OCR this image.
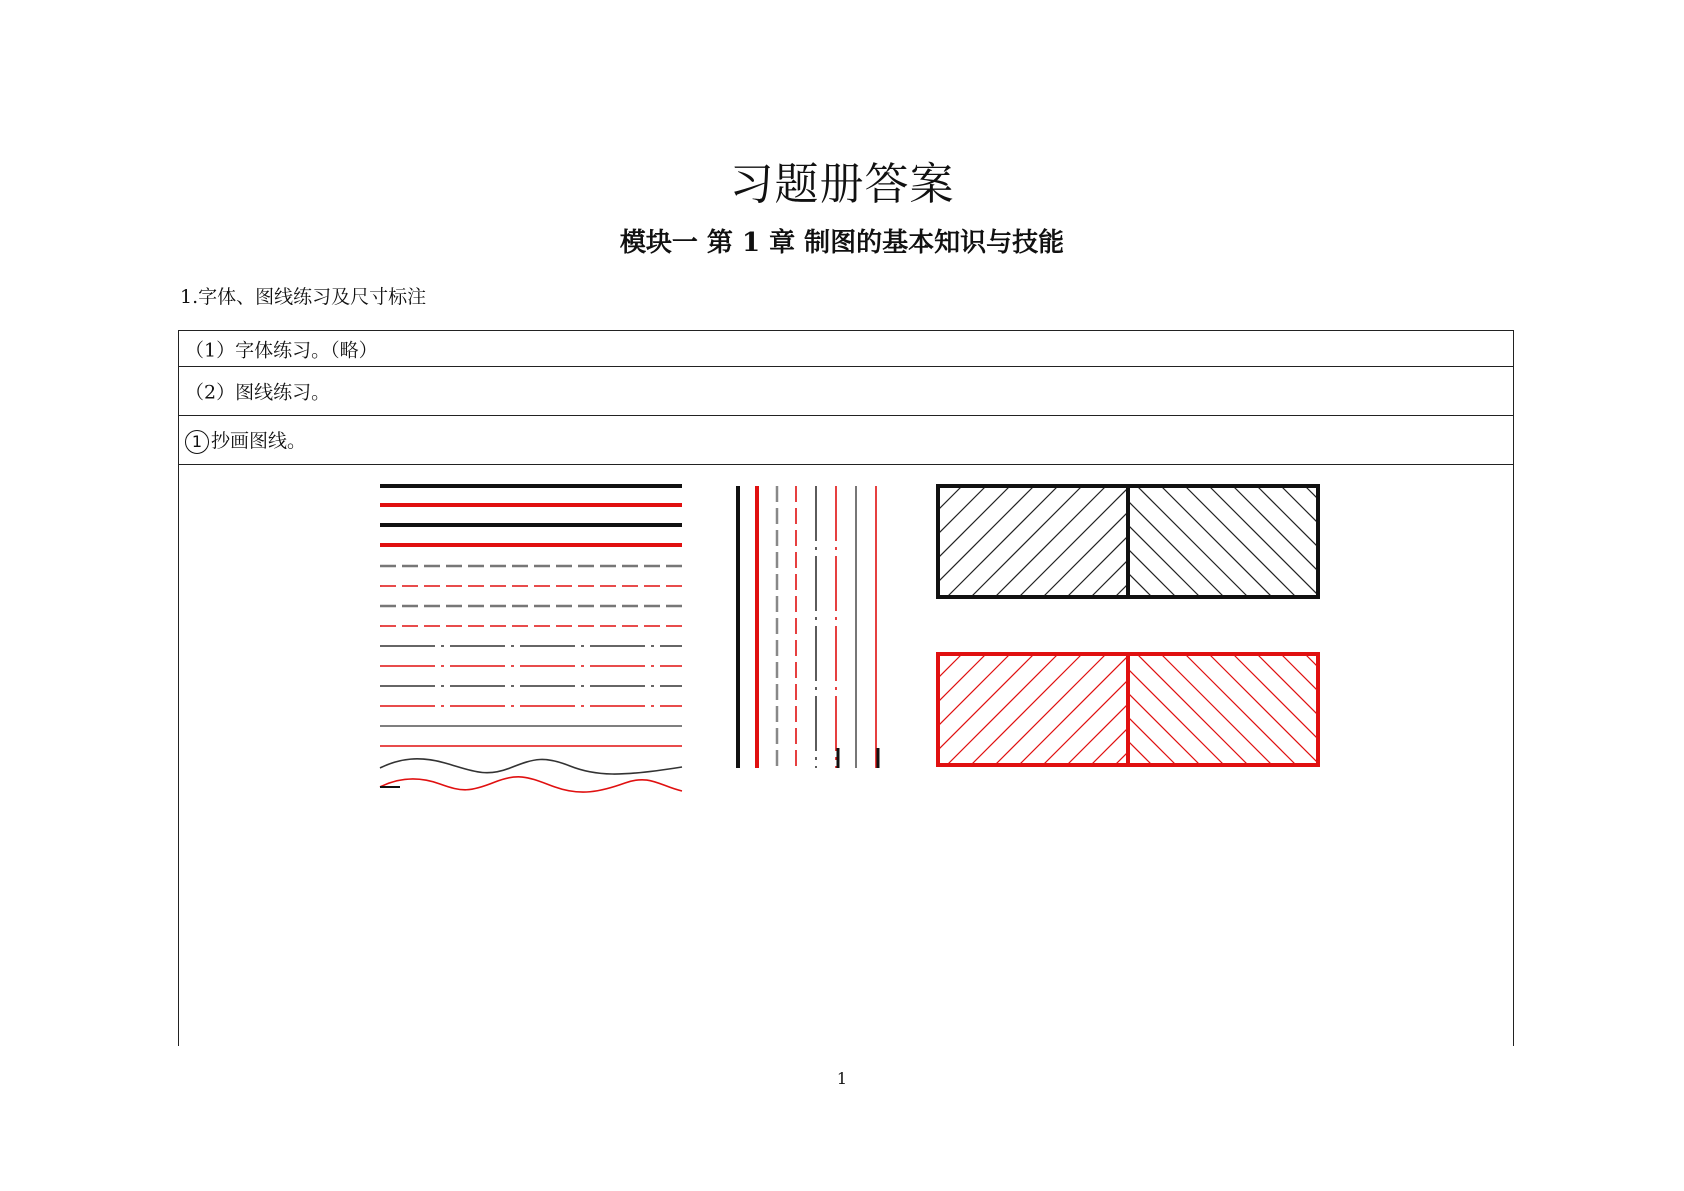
习题册答案
模块一 第 1 章 制图的基本知识与技能
1.字体、图线练习及尺寸标注
（1）字体练习。（略）
（2）图线练习。
1 抄画图线。
1
